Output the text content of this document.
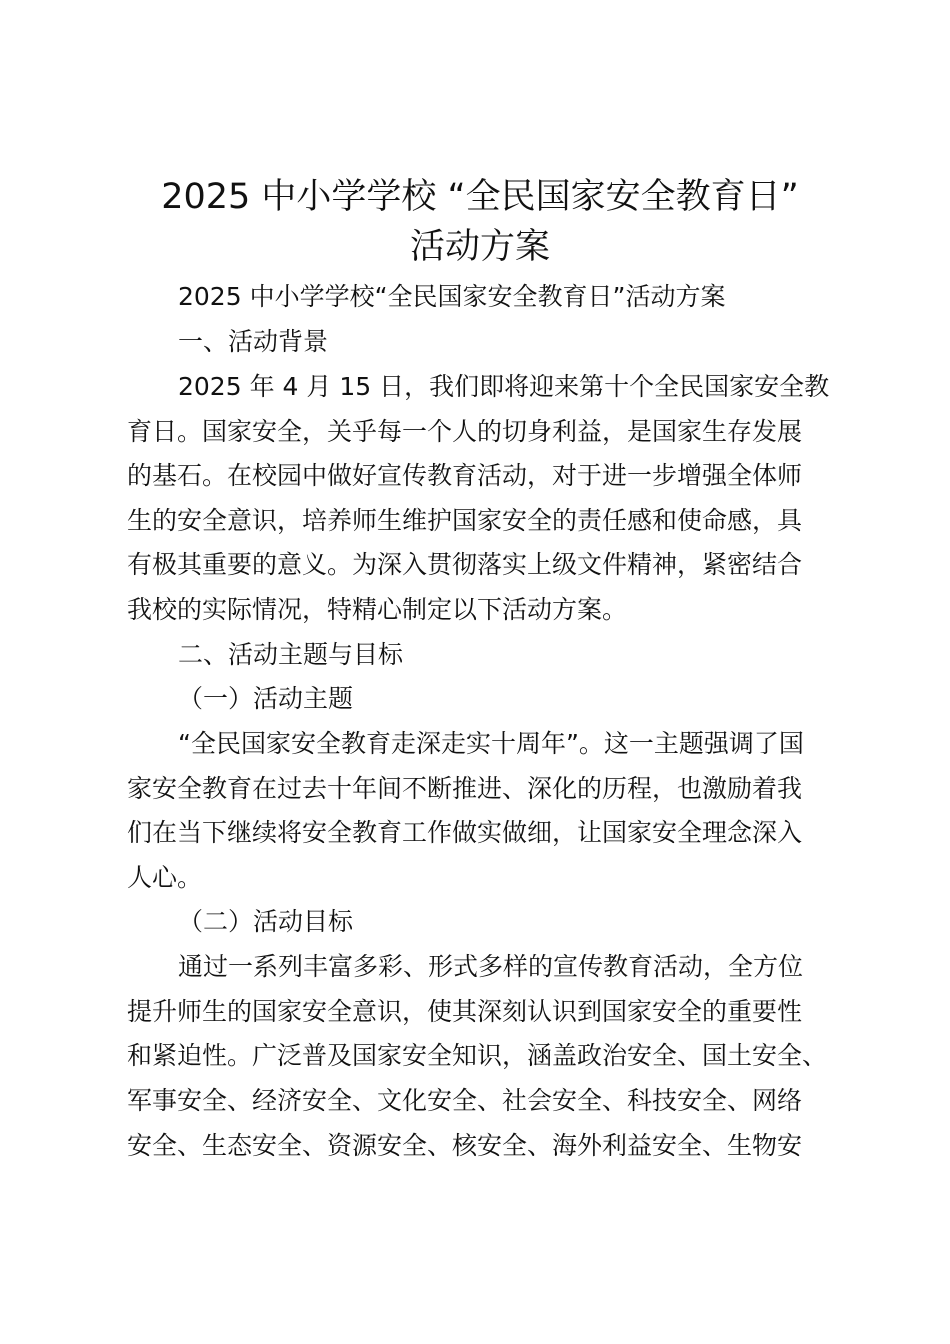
2025 中小学学校 “全民国家安全教育日”
活动方案

2025 中小学学校“全民国家安全教育日”活动方案

一、活动背景

2025 年 4 月 15 日，我们即将迎来第十个全民国家安全教

育日。国家安全，关乎每一个人的切身利益，是国家生存发展

的基石。在校园中做好宣传教育活动，对于进一步增强全体师

生的安全意识，培养师生维护国家安全的责任感和使命感，具

有极其重要的意义。为深入贯彻落实上级文件精神，紧密结合

我校的实际情况，特精心制定以下活动方案。

二、活动主题与目标

（一）活动主题

“全民国家安全教育走深走实十周年”。这一主题强调了国

家安全教育在过去十年间不断推进、深化的历程，也激励着我

们在当下继续将安全教育工作做实做细，让国家安全理念深入

人心。

（二）活动目标

通过一系列丰富多彩、形式多样的宣传教育活动，全方位

提升师生的国家安全意识，使其深刻认识到国家安全的重要性

和紧迫性。广泛普及国家安全知识，涵盖政治安全、国土安全、

军事安全、经济安全、文化安全、社会安全、科技安全、网络

安全、生态安全、资源安全、核安全、海外利益安全、生物安
